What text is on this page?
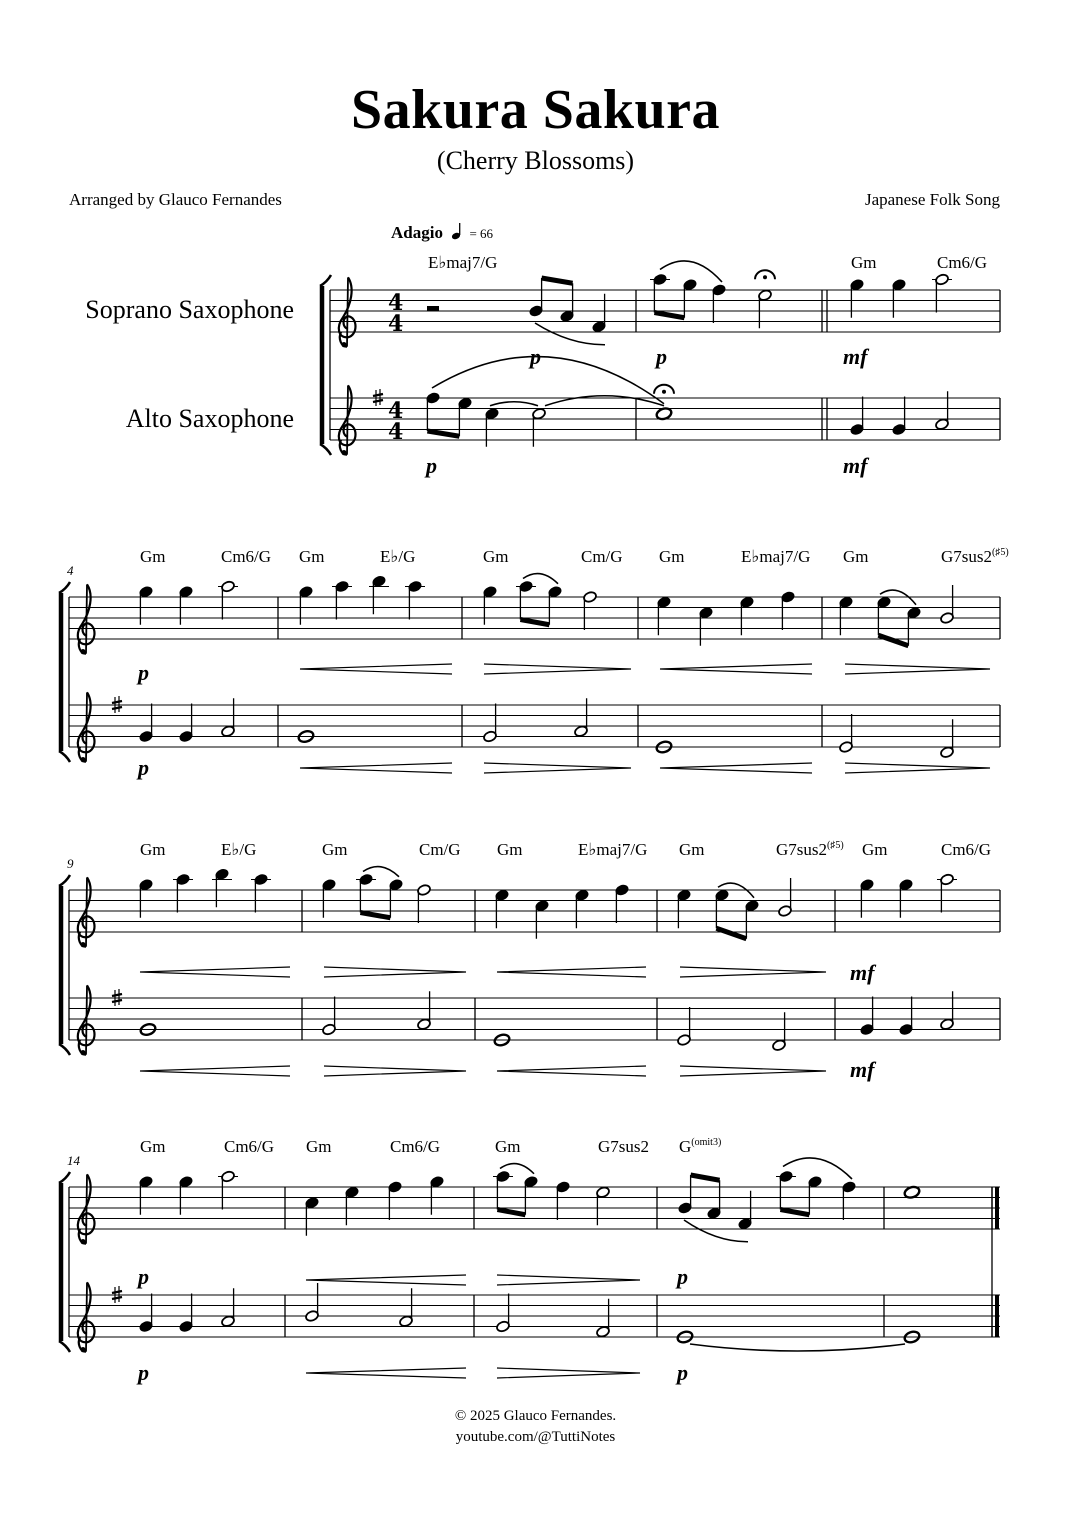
Sakura Sakura
(Cherry Blossoms)
Arranged by Glauco Fernandes	Japanese Folk Song
Adagio = 66
Soprano Saxophone
Alto Saxophone
4
4
4
4
E♭maj7/G	Gm	Cm6/G
p	p	mf
p	mf
4
Gm	Cm6/G Gm	E♭/G	Gm	Cm/G Gm	E♭maj7/G Gm	$G7sus2^{(♯5)}$
p
p
9
Gm	E♭/G	Gm	Cm/G Gm	E♭maj7/G Gm	$G7sus2^{(♯5)}$ Gm	Cm6/G
mf
mf
14
Gm	Cm6/G Gm	Cm6/G	Gm	G7sus2 $G^{(omit3)}$
p	p
p	p
© 2025 Glauco Fernandes.
youtube.com/@TuttiNotes
